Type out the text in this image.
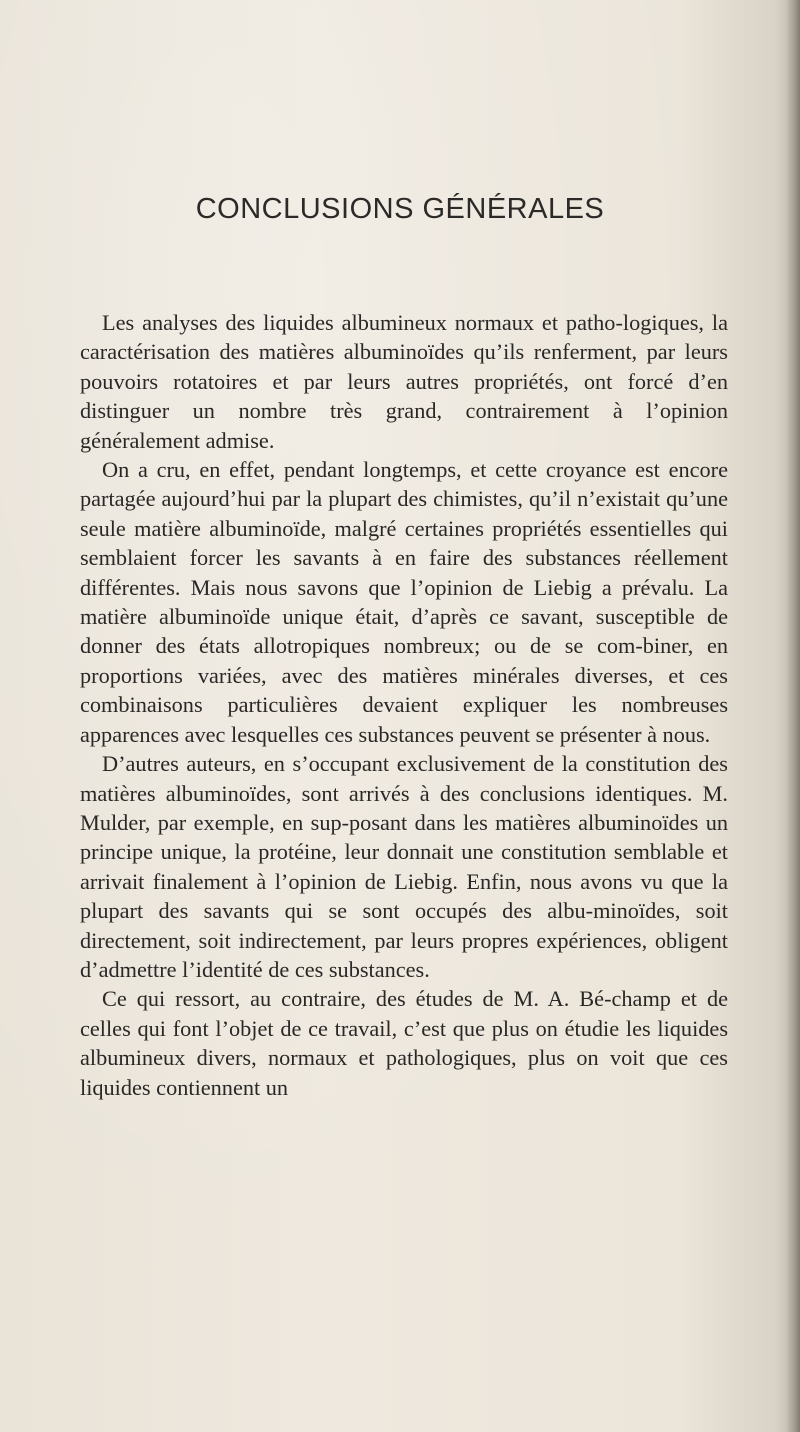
CONCLUSIONS GÉNÉRALES

Les analyses des liquides albumineux normaux et patho-logiques, la caractérisation des matières albuminoïdes qu’ils renferment, par leurs pouvoirs rotatoires et par leurs autres propriétés, ont forcé d’en distinguer un nombre très grand, contrairement à l’opinion généralement admise.

On a cru, en effet, pendant longtemps, et cette croyance est encore partagée aujourd’hui par la plupart des chimistes, qu’il n’existait qu’une seule matière albuminoïde, malgré certaines propriétés essentielles qui semblaient forcer les savants à en faire des substances réellement différentes. Mais nous savons que l’opinion de Liebig a prévalu. La matière albuminoïde unique était, d’après ce savant, susceptible de donner des états allotropiques nombreux; ou de se com-biner, en proportions variées, avec des matières minérales diverses, et ces combinaisons particulières devaient expliquer les nombreuses apparences avec lesquelles ces substances peuvent se présenter à nous.

D’autres auteurs, en s’occupant exclusivement de la constitution des matières albuminoïdes, sont arrivés à des conclusions identiques. M. Mulder, par exemple, en sup-posant dans les matières albuminoïdes un principe unique, la protéine, leur donnait une constitution semblable et arrivait finalement à l’opinion de Liebig. Enfin, nous avons vu que la plupart des savants qui se sont occupés des albu-minoïdes, soit directement, soit indirectement, par leurs propres expériences, obligent d’admettre l’identité de ces substances.

Ce qui ressort, au contraire, des études de M. A. Bé-champ et de celles qui font l’objet de ce travail, c’est que plus on étudie les liquides albumineux divers, normaux et pathologiques, plus on voit que ces liquides contiennent un
